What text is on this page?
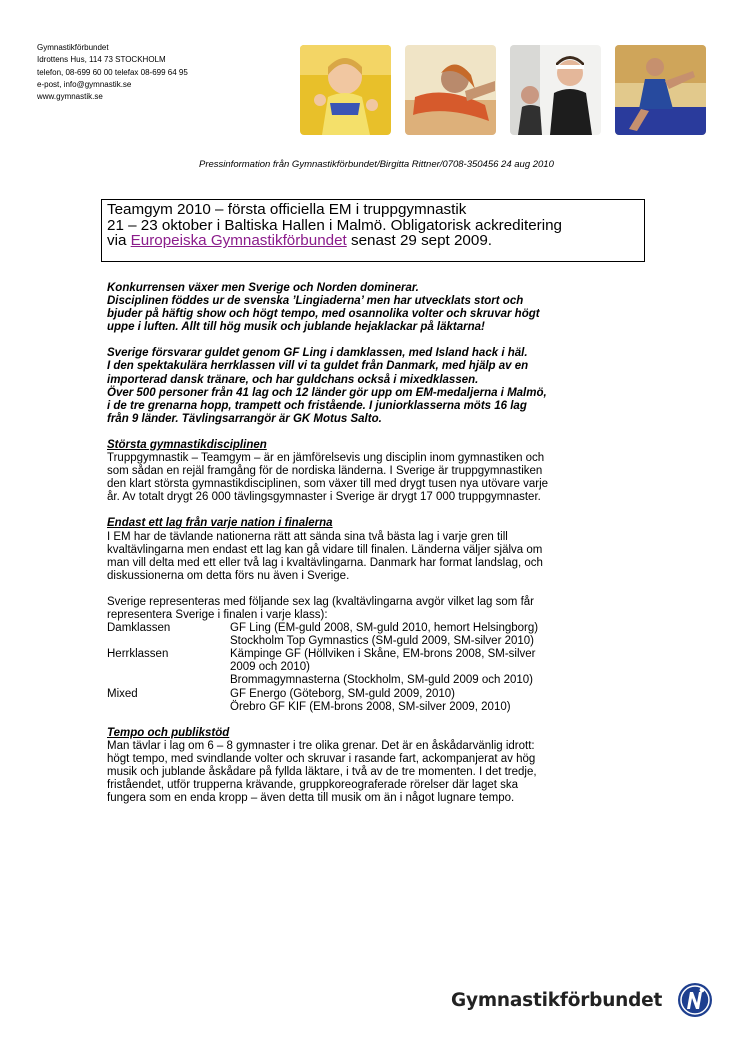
Gymnastikförbundet
Idrottens Hus, 114 73 STOCKHOLM
telefon, 08-699 60 00 telefax 08-699 64 95
e-post, info@gymnastik.se
www.gymnastik.se
Pressinformation från Gymnastikförbundet/Birgitta Rittner/0708-350456 24 aug 2010
Teamgym 2010 – första officiella EM i truppgymnastik
21 – 23 oktober i Baltiska Hallen i Malmö. Obligatorisk ackreditering
via Europeiska Gymnastikförbundet senast 29 sept 2009.
Konkurrensen växer men Sverige och Norden dominerar.
Disciplinen föddes ur de svenska ’Lingiaderna’ men har utvecklats stort och
bjuder på häftig show och högt tempo, med osannolika volter och skruvar högt
uppe i luften. Allt till hög musik och jublande hejaklackar på läktarna!
Sverige försvarar guldet genom GF Ling i damklassen, med Island hack i häl.
I den spektakulära herrklassen vill vi ta guldet från Danmark, med hjälp av en
importerad dansk tränare, och har guldchans också i mixedklassen.
Över 500 personer från 41 lag och 12 länder gör upp om EM-medaljerna i Malmö,
i de tre grenarna hopp, trampett och fristående. I juniorklasserna möts 16 lag
från 9 länder. Tävlingsarrangör är GK Motus Salto.
Största gymnastikdisciplinen
Truppgymnastik – Teamgym – är en jämförelsevis ung disciplin inom gymnastiken och
som sådan en rejäl framgång för de nordiska länderna. I Sverige är truppgymnastiken
den klart största gymnastikdisciplinen, som växer till med drygt tusen nya utövare varje
år. Av totalt drygt 26 000 tävlingsgymnaster i Sverige är drygt 17 000 truppgymnaster.
Endast ett lag från varje nation i finalerna
I EM har de tävlande nationerna rätt att sända sina två bästa lag i varje gren till
kvaltävlingarna men endast ett lag kan gå vidare till finalen. Länderna väljer själva om
man vill delta med ett eller två lag i kvaltävlingarna. Danmark har format landslag, och
diskussionerna om detta förs nu även i Sverige.
Sverige representeras med följande sex lag (kvaltävlingarna avgör vilket lag som får
representera Sverige i finalen i varje klass):
Damklassen	GF Ling (EM-guld 2008, SM-guld 2010, hemort Helsingborg)
	Stockholm Top Gymnastics (SM-guld 2009, SM-silver 2010)
Herrklassen	Kämpinge GF (Höllviken i Skåne, EM-brons 2008, SM-silver
	2009 och 2010)
	Brommagymnasterna (Stockholm, SM-guld 2009 och 2010)
Mixed	GF Energo (Göteborg, SM-guld 2009, 2010)
	Örebro GF KIF (EM-brons 2008, SM-silver 2009, 2010)
Tempo och publikstöd
Man tävlar i lag om 6 – 8 gymnaster i tre olika grenar. Det är en åskådarvänlig idrott:
högt tempo, med svindlande volter och skruvar i rasande fart, ackompanjerat av hög
musik och jublande åskådare på fyllda läktare, i två av de tre momenten. I det tredje,
friståendet, utför trupperna krävande, gruppkoreograferade rörelser där laget ska
fungera som en enda kropp – även detta till musik om än i något lugnare tempo.
Gymnastikförbundet
